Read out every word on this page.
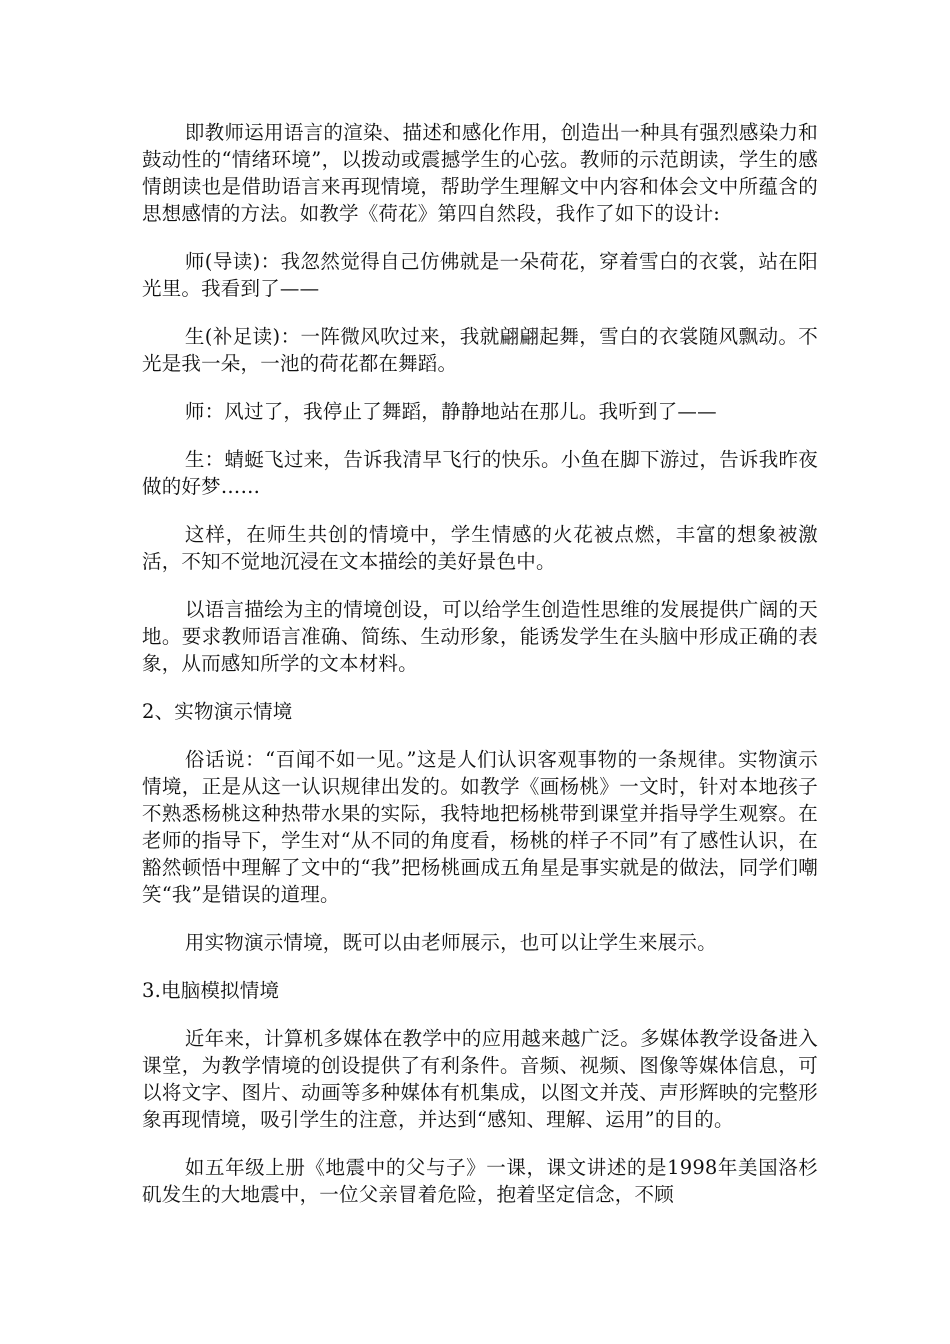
即教师运用语言的渲染、描述和感化作用，创造出一种具有强烈感染力和鼓动性的“情绪环境”，以拨动或震撼学生的心弦。教师的示范朗读，学生的感情朗读也是借助语言来再现情境，帮助学生理解文中内容和体会文中所蕴含的思想感情的方法。如教学《荷花》第四自然段，我作了如下的设计:

师(导读)：我忽然觉得自己仿佛就是一朵荷花，穿着雪白的衣裳，站在阳光里。我看到了——

生(补足读)：一阵微风吹过来，我就翩翩起舞，雪白的衣裳随风飘动。不光是我一朵，一池的荷花都在舞蹈。

师：风过了，我停止了舞蹈，静静地站在那儿。我听到了——

生：蜻蜓飞过来，告诉我清早飞行的快乐。小鱼在脚下游过，告诉我昨夜做的好梦……

这样，在师生共创的情境中，学生情感的火花被点燃，丰富的想象被激活，不知不觉地沉浸在文本描绘的美好景色中。

以语言描绘为主的情境创设，可以给学生创造性思维的发展提供广阔的天地。要求教师语言准确、简练、生动形象，能诱发学生在头脑中形成正确的表象，从而感知所学的文本材料。

2、实物演示情境

俗话说：“百闻不如一见。”这是人们认识客观事物的一条规律。实物演示情境，正是从这一认识规律出发的。如教学《画杨桃》一文时，针对本地孩子不熟悉杨桃这种热带水果的实际，我特地把杨桃带到课堂并指导学生观察。在老师的指导下，学生对“从不同的角度看，杨桃的样子不同”有了感性认识，在豁然顿悟中理解了文中的“我”把杨桃画成五角星是事实就是的做法，同学们嘲笑“我”是错误的道理。

用实物演示情境，既可以由老师展示，也可以让学生来展示。

3.电脑模拟情境

近年来，计算机多媒体在教学中的应用越来越广泛。多媒体教学设备进入课堂，为教学情境的创设提供了有利条件。音频、视频、图像等媒体信息，可以将文字、图片、动画等多种媒体有机集成，以图文并茂、声形辉映的完整形象再现情境，吸引学生的注意，并达到“感知、理解、运用”的目的。

如五年级上册《地震中的父与子》一课，课文讲述的是1998年美国洛杉矶发生的大地震中，一位父亲冒着危险，抱着坚定信念，不顾
